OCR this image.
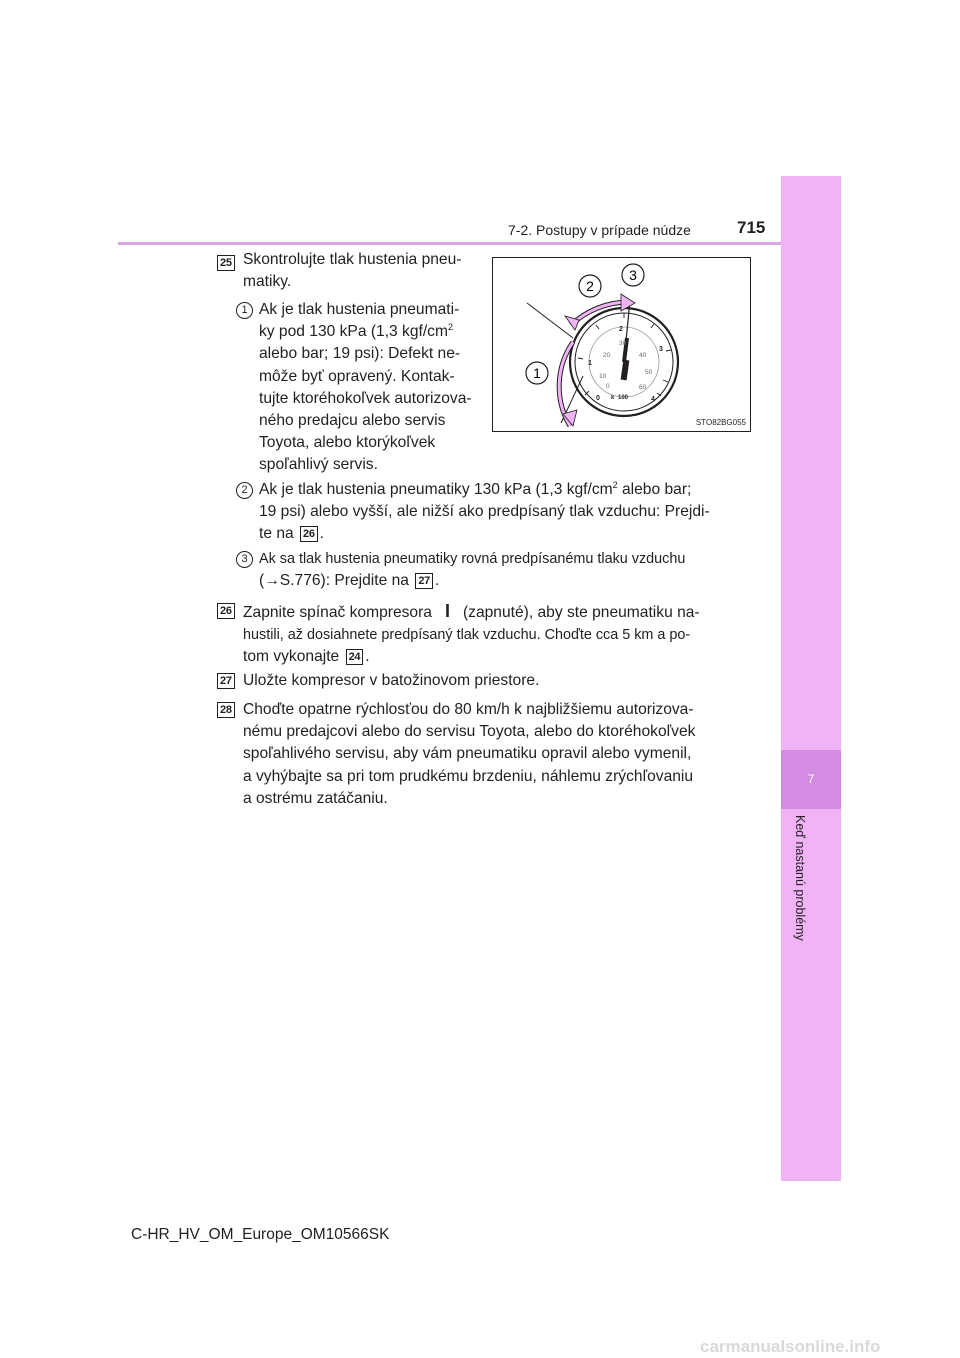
7-2. Postupy v prípade núdze	715
7
Keď nastanú problémy
25 Skontrolujte tlak hustenia pneu-
matiky.

1 Ak je tlak hustenia pneumati-
ky pod 130 kPa (1,3 kgf/$cm^2$
alebo bar; 19 psi): Defekt ne-
môže byť opravený. Kontak-
tujte ktoréhokoľvek autorizova-
ného predajcu alebo servis
Toyota, alebo ktorýkoľvek
spoľahlivý servis.

1
2
3
0
1
2
3
4
0
10
20
30
40
50
60
100
k
STO82BG055
2 Ak je tlak hustenia pneumatiky 130 kPa (1,3 kgf/$cm^2$ alebo bar;
19 psi) alebo vyšší, ale nižší ako predpísaný tlak vzduchu: Prejdi-
te na 26 .

3 Ak sa tlak hustenia pneumatiky rovná predpísanému tlaku vzduchu
(→S.776): Prejdite na 27 .

26 Zapnite spínač kompresora I (zapnuté), aby ste pneumatiku na-
hustili, až dosiahnete predpísaný tlak vzduchu. Choďte cca 5 km a po-
tom vykonajte 24 .

27 Uložte kompresor v batožinovom priestore.

28 Choďte opatrne rýchlosťou do 80 km/h k najbližšiemu autorizova-
nému predajcovi alebo do servisu Toyota, alebo do ktoréhokoľvek
spoľahlivého servisu, aby vám pneumatiku opravil alebo vymenil,
a vyhýbajte sa pri tom prudkému brzdeniu, náhlemu zrýchľovaniu
a ostrému zatáčaniu.

C-HR_HV_OM_Europe_OM10566SK
carmanualsonline.info
